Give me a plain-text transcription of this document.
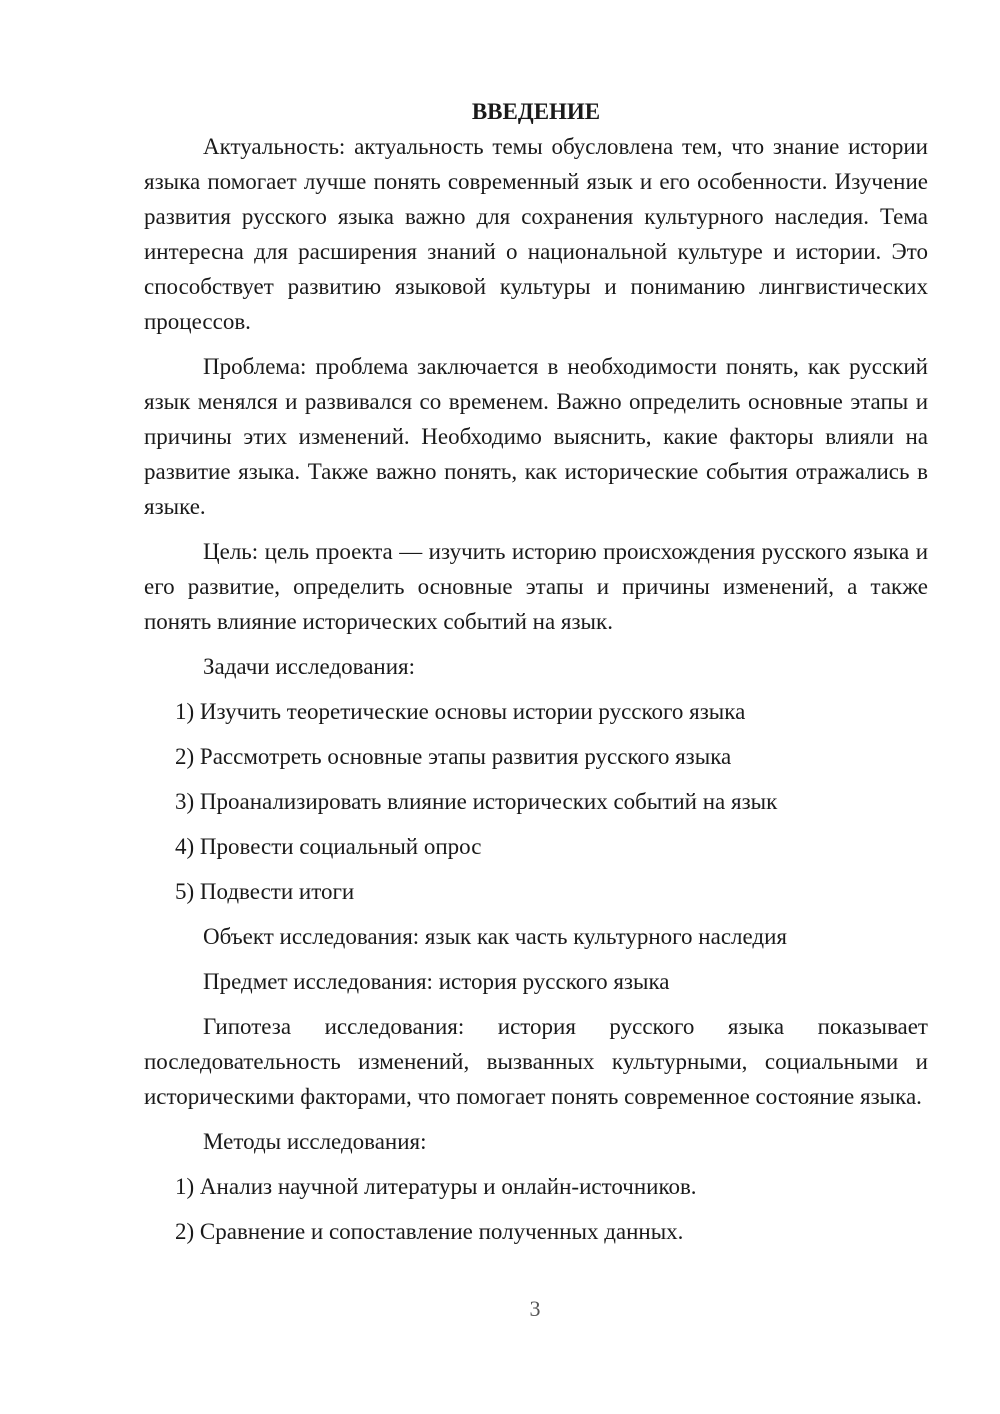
ВВЕДЕНИЕ

Актуальность: актуальность темы обусловлена тем, что знание истории языка помогает лучше понять современный язык и его особенности. Изучение развития русского языка важно для сохранения культурного наследия. Тема интересна для расширения знаний о национальной культуре и истории. Это способствует развитию языковой культуры и пониманию лингвистических процессов.

Проблема: проблема заключается в необходимости понять, как русский язык менялся и развивался со временем. Важно определить основные этапы и причины этих изменений. Необходимо выяснить, какие факторы влияли на развитие языка. Также важно понять, как исторические события отражались в языке.

Цель: цель проекта — изучить историю происхождения русского языка и его развитие, определить основные этапы и причины изменений, а также понять влияние исторических событий на язык.

Задачи исследования:

1) Изучить теоретические основы истории русского языка

2) Рассмотреть основные этапы развития русского языка

3) Проанализировать влияние исторических событий на язык

4) Провести социальный опрос

5) Подвести итоги

Объект исследования: язык как часть культурного наследия

Предмет исследования: история русского языка

Гипотеза исследования: история русского языка показывает последовательность изменений, вызванных культурными, социальными и историческими факторами, что помогает понять современное состояние языка.

Методы исследования:

1) Анализ научной литературы и онлайн-источников.

2) Сравнение и сопоставление полученных данных.

3
